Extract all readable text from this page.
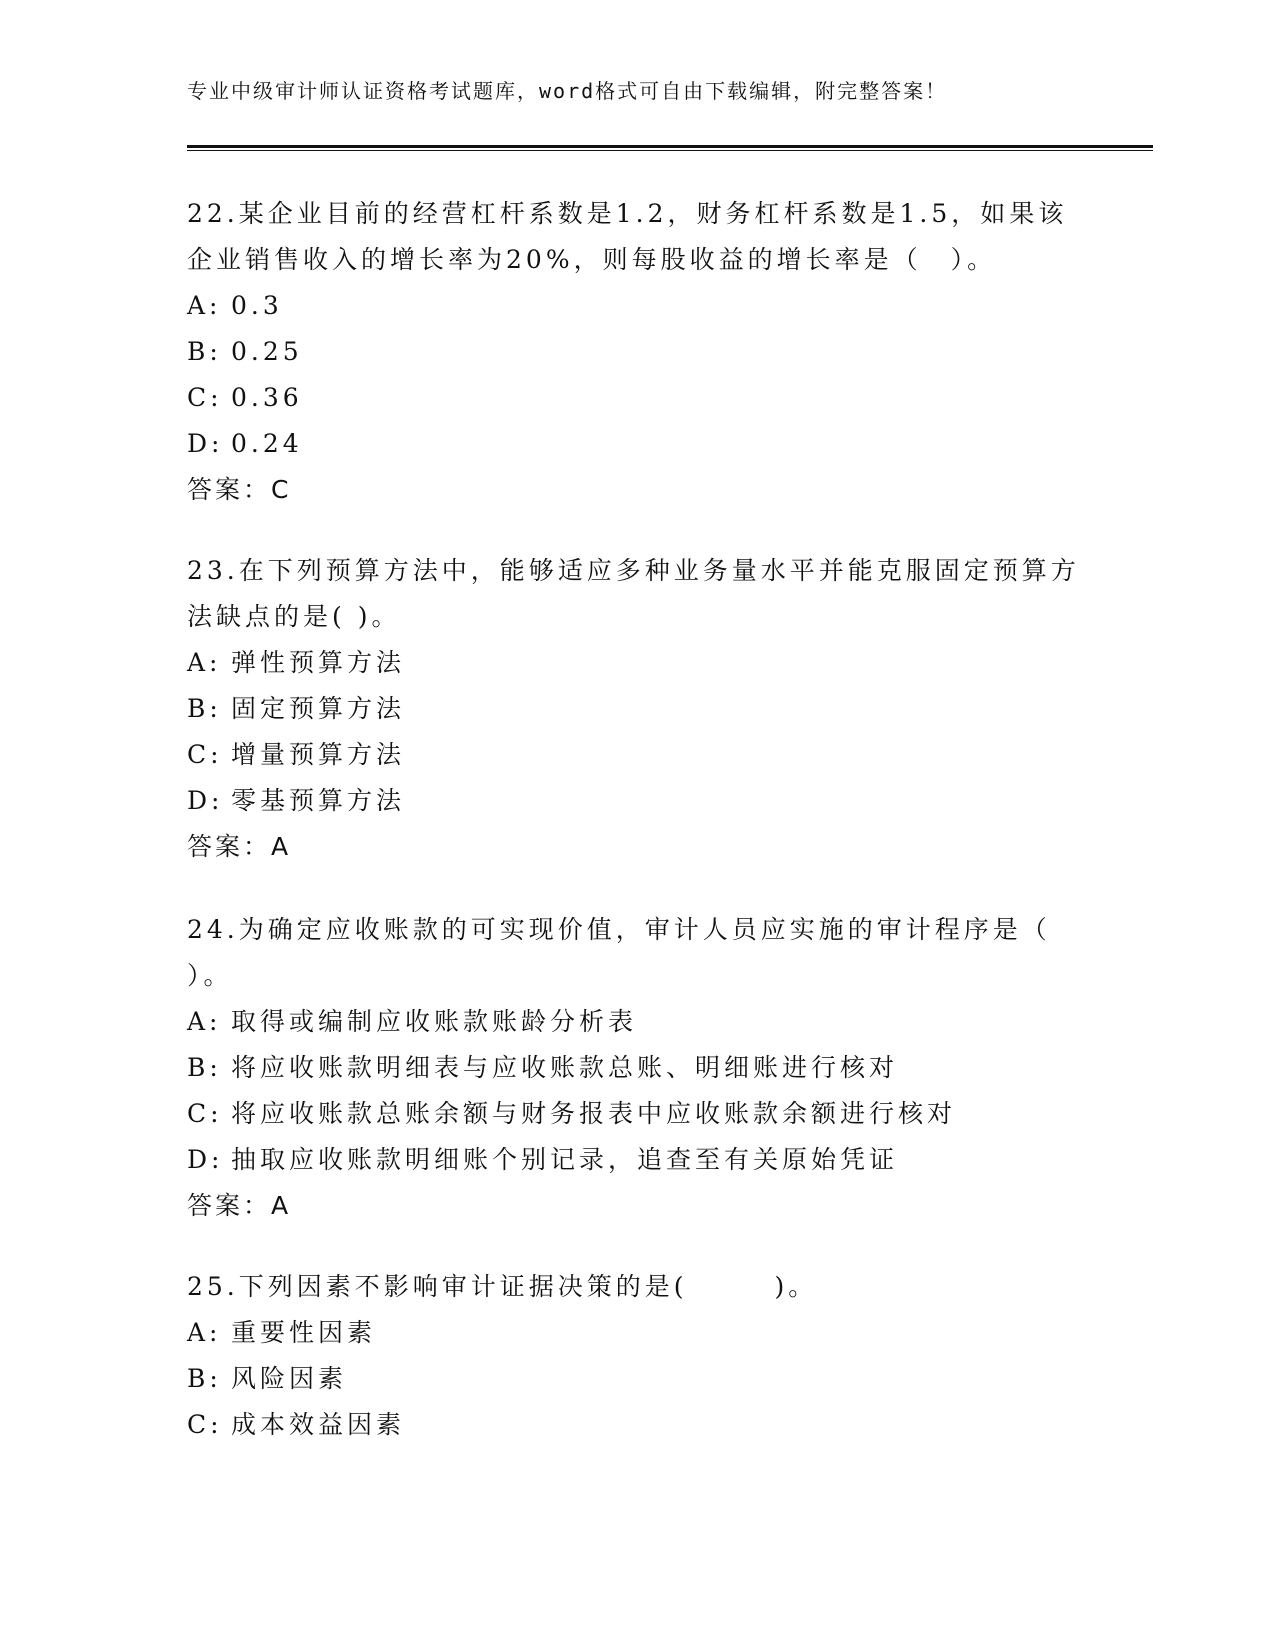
专业中级审计师认证资格考试题库，word格式可自由下载编辑，附完整答案！

22.某企业目前的经营杠杆系数是1.2，财务杠杆系数是1.5，如果该

企业销售收入的增长率为20%，则每股收益的增长率是（　）。

A: 0.3

B: 0.25

C: 0.36

D: 0.24

答案：C

23.在下列预算方法中，能够适应多种业务量水平并能克服固定预算方

法缺点的是( )。

A: 弹性预算方法

B: 固定预算方法

C: 增量预算方法

D: 零基预算方法

答案：A

24.为确定应收账款的可实现价值，审计人员应实施的审计程序是（

）。

A: 取得或编制应收账款账龄分析表

B: 将应收账款明细表与应收账款总账、明细账进行核对

C: 将应收账款总账余额与财务报表中应收账款余额进行核对

D: 抽取应收账款明细账个别记录，追查至有关原始凭证

答案：A

25.下列因素不影响审计证据决策的是(　　　)。

A: 重要性因素

B: 风险因素

C: 成本效益因素
